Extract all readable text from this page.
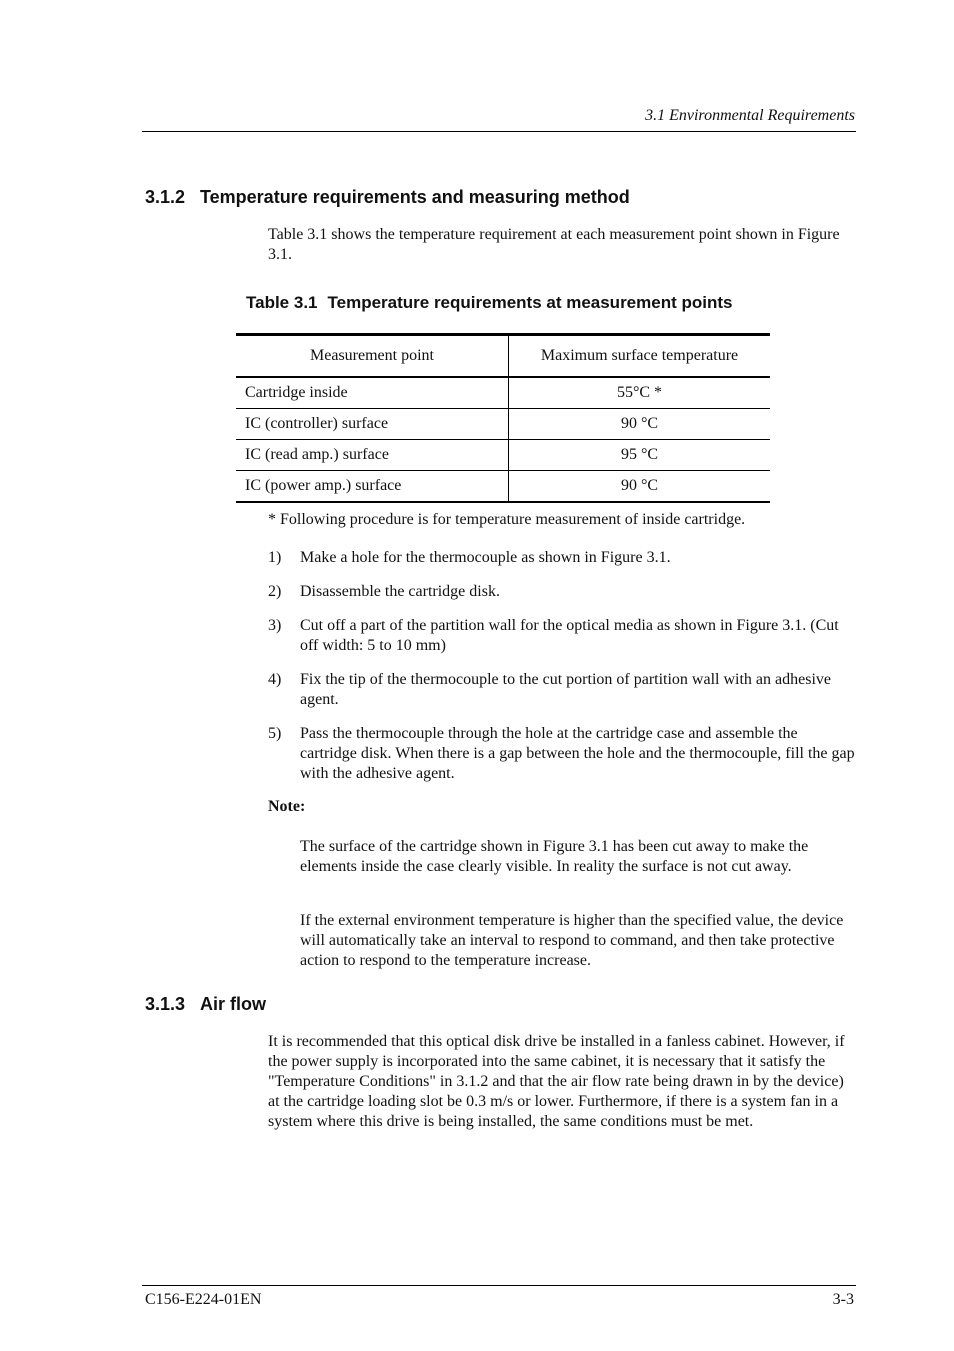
3.1 Environmental Requirements
3.1.2 Temperature requirements and measuring method

Table 3.1 shows the temperature requirement at each measurement point shown in Figure 3.1.

Table 3.1 Temperature requirements at measurement points

Measurement point	Maximum surface temperature
Cartridge inside	55°C *
IC (controller) surface	90 °C
IC (read amp.) surface	95 °C
IC (power amp.) surface	90 °C

* Following procedure is for temperature measurement of inside cartridge.

1)	Make a hole for the thermocouple as shown in Figure 3.1.
2)	Disassemble the cartridge disk.
3)	Cut off a part of the partition wall for the optical media as shown in Figure 3.1. (Cut off width: 5 to 10 mm)
4)	Fix the tip of the thermocouple to the cut portion of partition wall with an adhesive agent.
5)	Pass the thermocouple through the hole at the cartridge case and assemble the cartridge disk. When there is a gap between the hole and the thermocouple, fill the gap with the adhesive agent.

Note:

The surface of the cartridge shown in Figure 3.1 has been cut away to make the elements inside the case clearly visible. In reality the surface is not cut away.

If the external environment temperature is higher than the specified value, the device will automatically take an interval to respond to command, and then take protective action to respond to the temperature increase.

3.1.3 Air flow

It is recommended that this optical disk drive be installed in a fanless cabinet. However, if the power supply is incorporated into the same cabinet, it is necessary that it satisfy the "Temperature Conditions" in 3.1.2 and that the air flow rate being drawn in by the device) at the cartridge loading slot be 0.3 m/s or lower. Furthermore, if there is a system fan in a system where this drive is being installed, the same conditions must be met.

C156-E224-01EN	3-3
